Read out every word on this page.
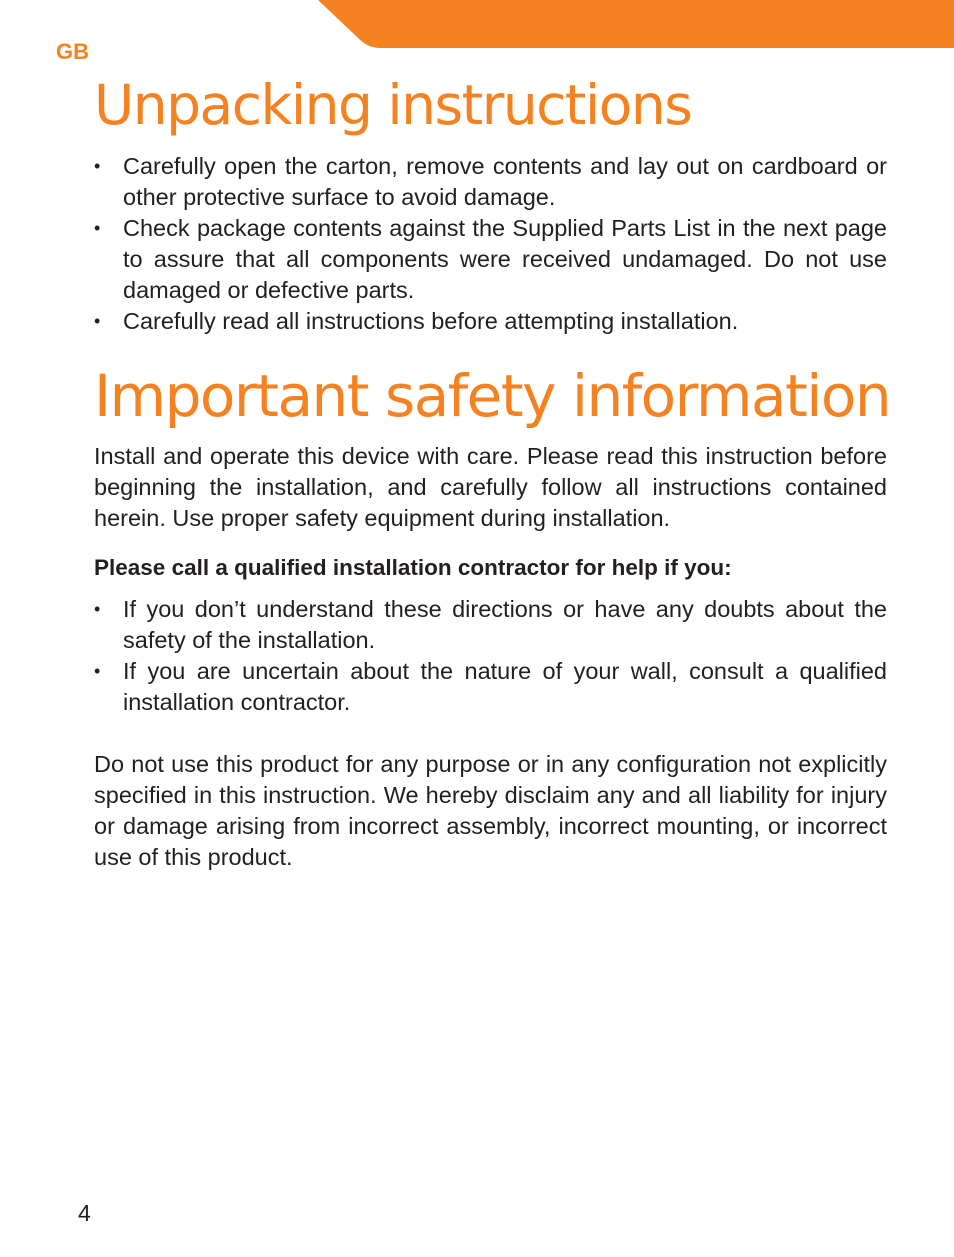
GB
Unpacking instructions
• Carefully open the carton, remove contents and lay out on cardboard or other protective surface to avoid damage.
• Check package contents against the Supplied Parts List in the next page to assure that all components were received undamaged. Do not use damaged or defective parts.
• Carefully read all instructions before attempting installation.
Important safety information

Install and operate this device with care. Please read this instruction before beginning the installation, and carefully follow all instructions contained herein. Use proper safety equipment during installation.

Please call a qualified installation contractor for help if you:

• If you don’t understand these directions or have any doubts about the safety of the installation.
• If you are uncertain about the nature of your wall, consult a qualified installation contractor.

Do not use this product for any purpose or in any configuration not explicitly specified in this instruction. We hereby disclaim any and all liability for injury or damage arising from incorrect assembly, incorrect mounting, or incorrect use of this product.

4
